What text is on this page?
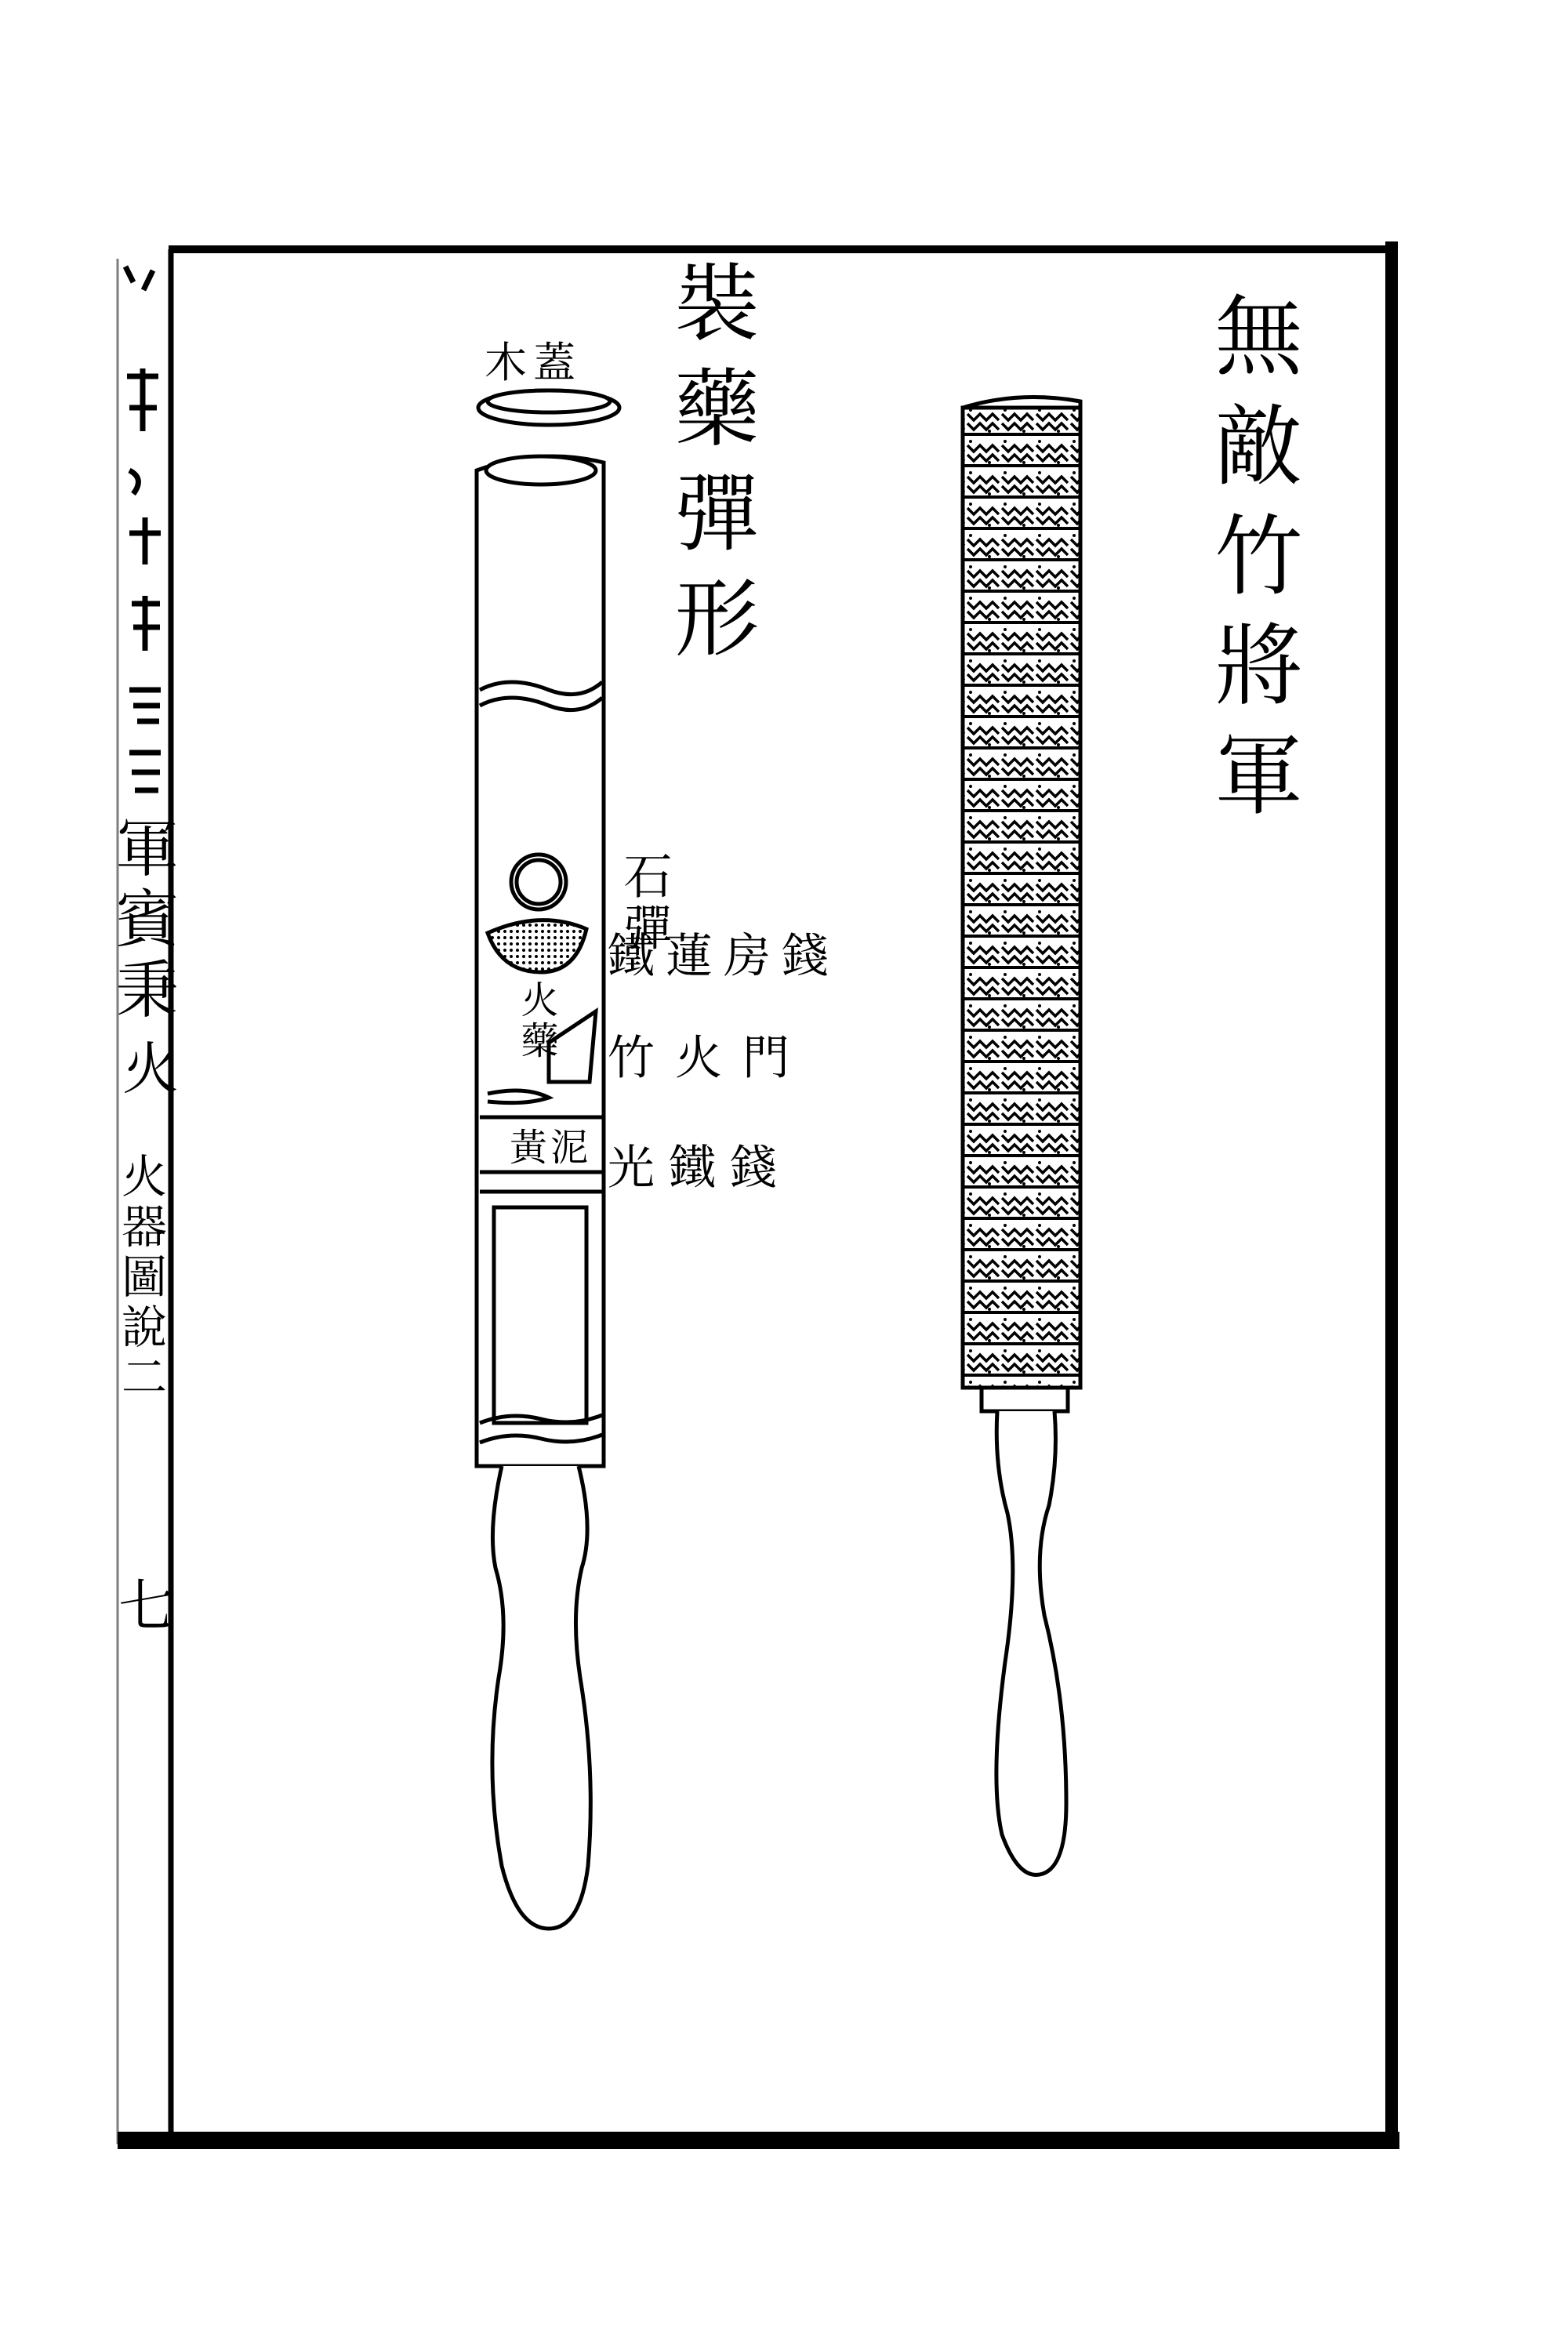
軍賓秉
火
火器圖說二
七
無敵竹將軍
裝藥彈形
木蓋
石彈
火藥
黃泥
鐵蓮房錢
竹火門
光鐵錢
